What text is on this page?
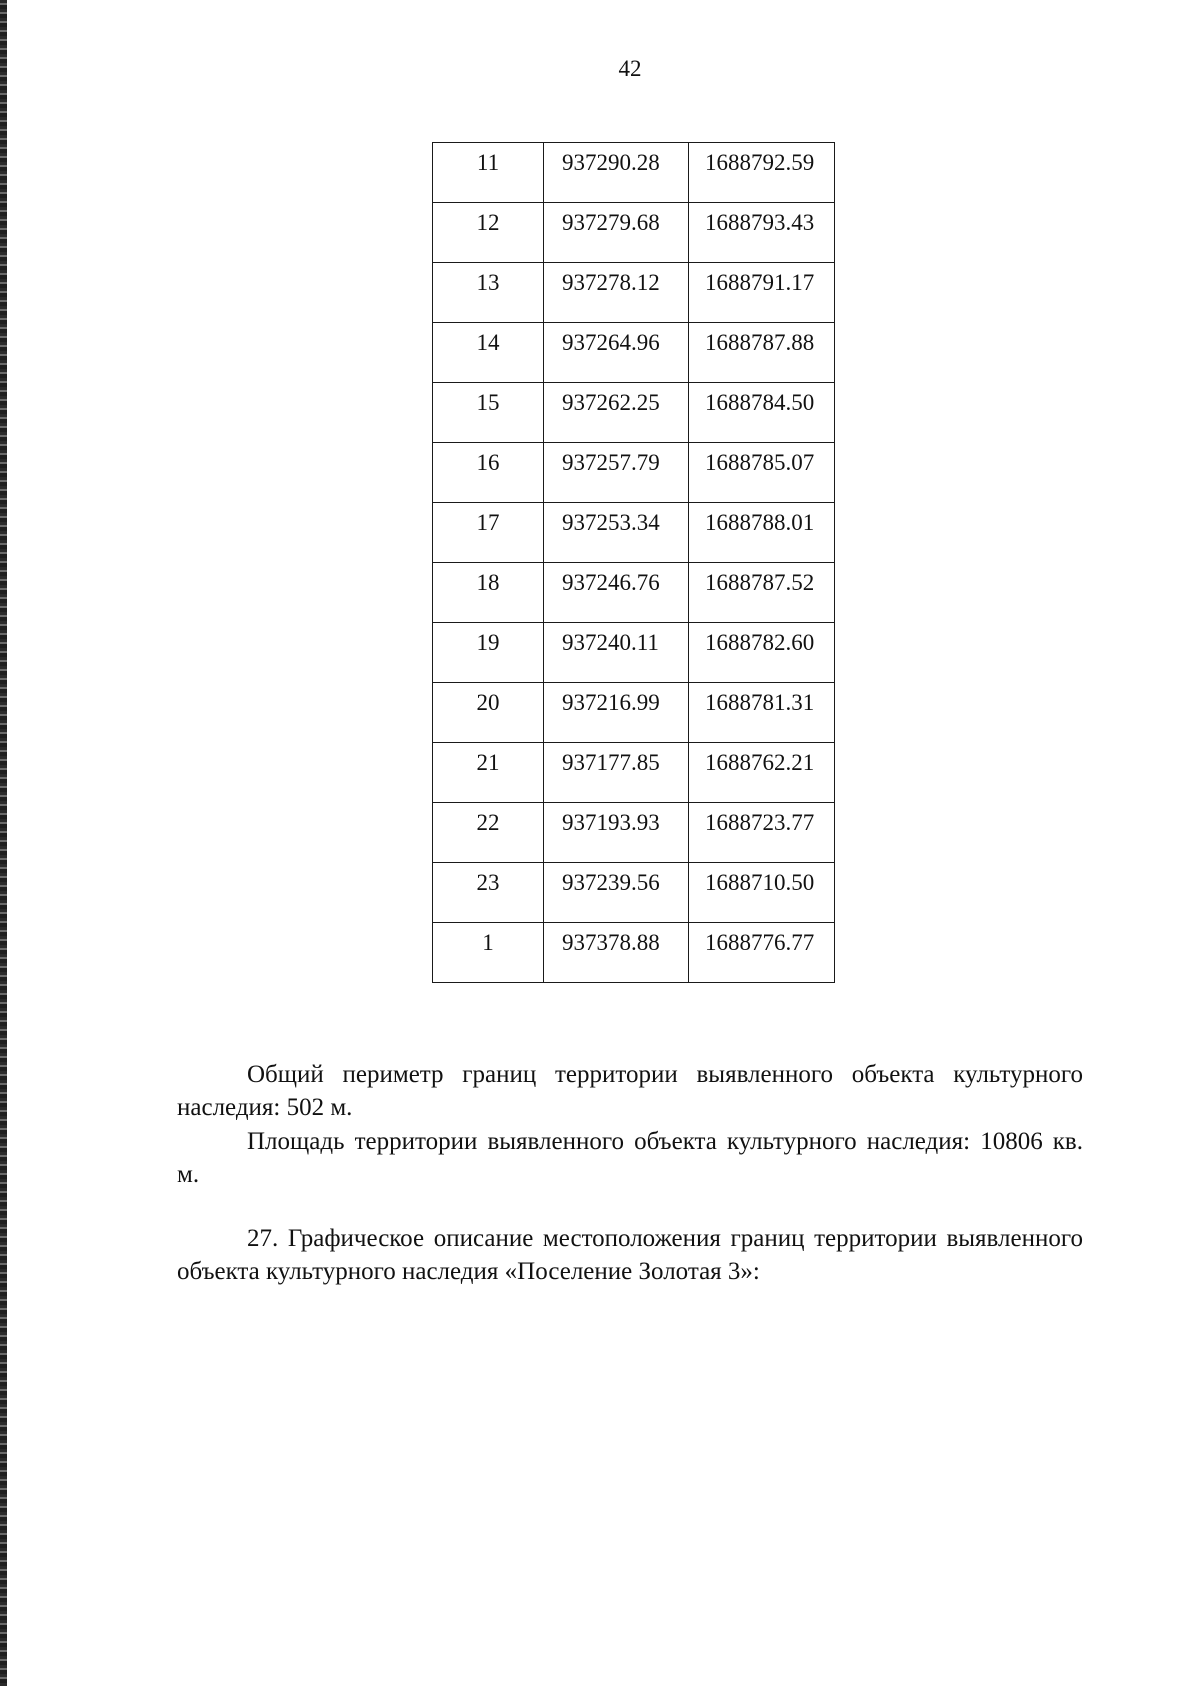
42
11	937290.28	1688792.59

12	937279.68	1688793.43

13	937278.12	1688791.17

14	937264.96	1688787.88

15	937262.25	1688784.50

16	937257.79	1688785.07

17	937253.34	1688788.01

18	937246.76	1688787.52

19	937240.11	1688782.60

20	937216.99	1688781.31

21	937177.85	1688762.21

22	937193.93	1688723.77

23	937239.56	1688710.50

1	937378.88	1688776.77

Общий периметр границ территории выявленного объекта культурного наследия: 502 м.

Площадь территории выявленного объекта культурного наследия: 10806 кв. м.

27. Графическое описание местоположения границ территории выявленного объекта культурного наследия «Поселение Золотая 3»:
